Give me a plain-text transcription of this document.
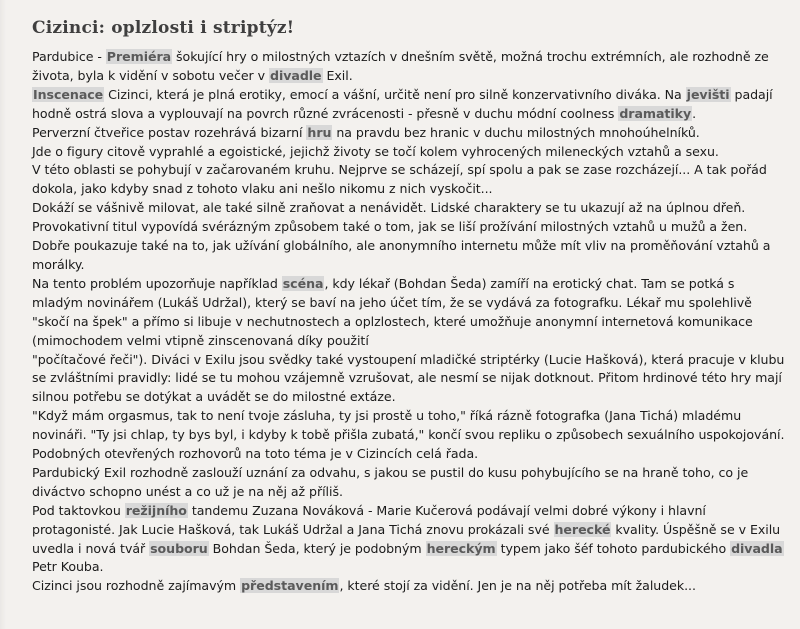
Cizinci: oplzlosti i striptýz!

Pardubice - Premiéra šokující hry o milostných vztazích v dnešním světě, možná trochu extrémních, ale rozhodně ze života, byla k vidění v sobotu večer v divadle Exil.

Inscenace Cizinci, která je plná erotiky, emocí a vášní, určitě není pro silně konzervativního diváka. Na jevišti padají hodně ostrá slova a vyplouvají na povrch různé zvrácenosti - přesně v duchu módní coolness dramatiky.

Perverzní čtveřice postav rozehrává bizarní hru na pravdu bez hranic v duchu milostných mnohoúhelníků.

Jde o figury citově vyprahlé a egoistické, jejichž životy se točí kolem vyhrocených mileneckých vztahů a sexu.

V této oblasti se pohybují v začarovaném kruhu. Nejprve se scházejí, spí spolu a pak se zase rozcházejí... A tak pořád dokola, jako kdyby snad z tohoto vlaku ani nešlo nikomu z nich vyskočit...

Dokáží se vášnivě milovat, ale také silně zraňovat a nenávidět. Lidské charaktery se tu ukazují až na úplnou dřeň.

Provokativní titul vypovídá svérázným způsobem také o tom, jak se liší prožívání milostných vztahů u mužů a žen.

Dobře poukazuje také na to, jak užívání globálního, ale anonymního internetu může mít vliv na proměňování vztahů a morálky.

Na tento problém upozorňuje například scéna, kdy lékař (Bohdan Šeda) zamíří na erotický chat. Tam se potká s mladým novinářem (Lukáš Udržal), který se baví na jeho účet tím, že se vydává za fotografku. Lékař mu spolehlivě "skočí na špek" a přímo si libuje v nechutnostech a oplzlostech, které umožňuje anonymní internetová komunikace (mimochodem velmi vtipně zinscenovaná díky použití

"počítačové řeči"). Diváci v Exilu jsou svědky také vystoupení mladičké striptérky (Lucie Hašková), která pracuje v klubu se zvláštními pravidly: lidé se tu mohou vzájemně vzrušovat, ale nesmí se nijak dotknout. Přitom hrdinové této hry mají silnou potřebu se dotýkat a uvádět se do milostné extáze.

"Když mám orgasmus, tak to není tvoje zásluha, ty jsi prostě u toho," říká rázně fotografka (Jana Tichá) mladému novináři. "Ty jsi chlap, ty bys byl, i kdyby k tobě přišla zubatá," končí svou repliku o způsobech sexuálního uspokojování.

Podobných otevřených rozhovorů na toto téma je v Cizincích celá řada.

Pardubický Exil rozhodně zaslouží uznání za odvahu, s jakou se pustil do kusu pohybujícího se na hraně toho, co je diváctvo schopno unést a co už je na něj až příliš.

Pod taktovkou režijního tandemu Zuzana Nováková - Marie Kučerová podávají velmi dobré výkony i hlavní protagonisté. Jak Lucie Hašková, tak Lukáš Udržal a Jana Tichá znovu prokázali své herecké kvality. Úspěšně se v Exilu uvedla i nová tvář souboru Bohdan Šeda, který je podobným hereckým typem jako šéf tohoto pardubického divadla Petr Kouba.

Cizinci jsou rozhodně zajímavým představením, které stojí za vidění. Jen je na něj potřeba mít žaludek...
